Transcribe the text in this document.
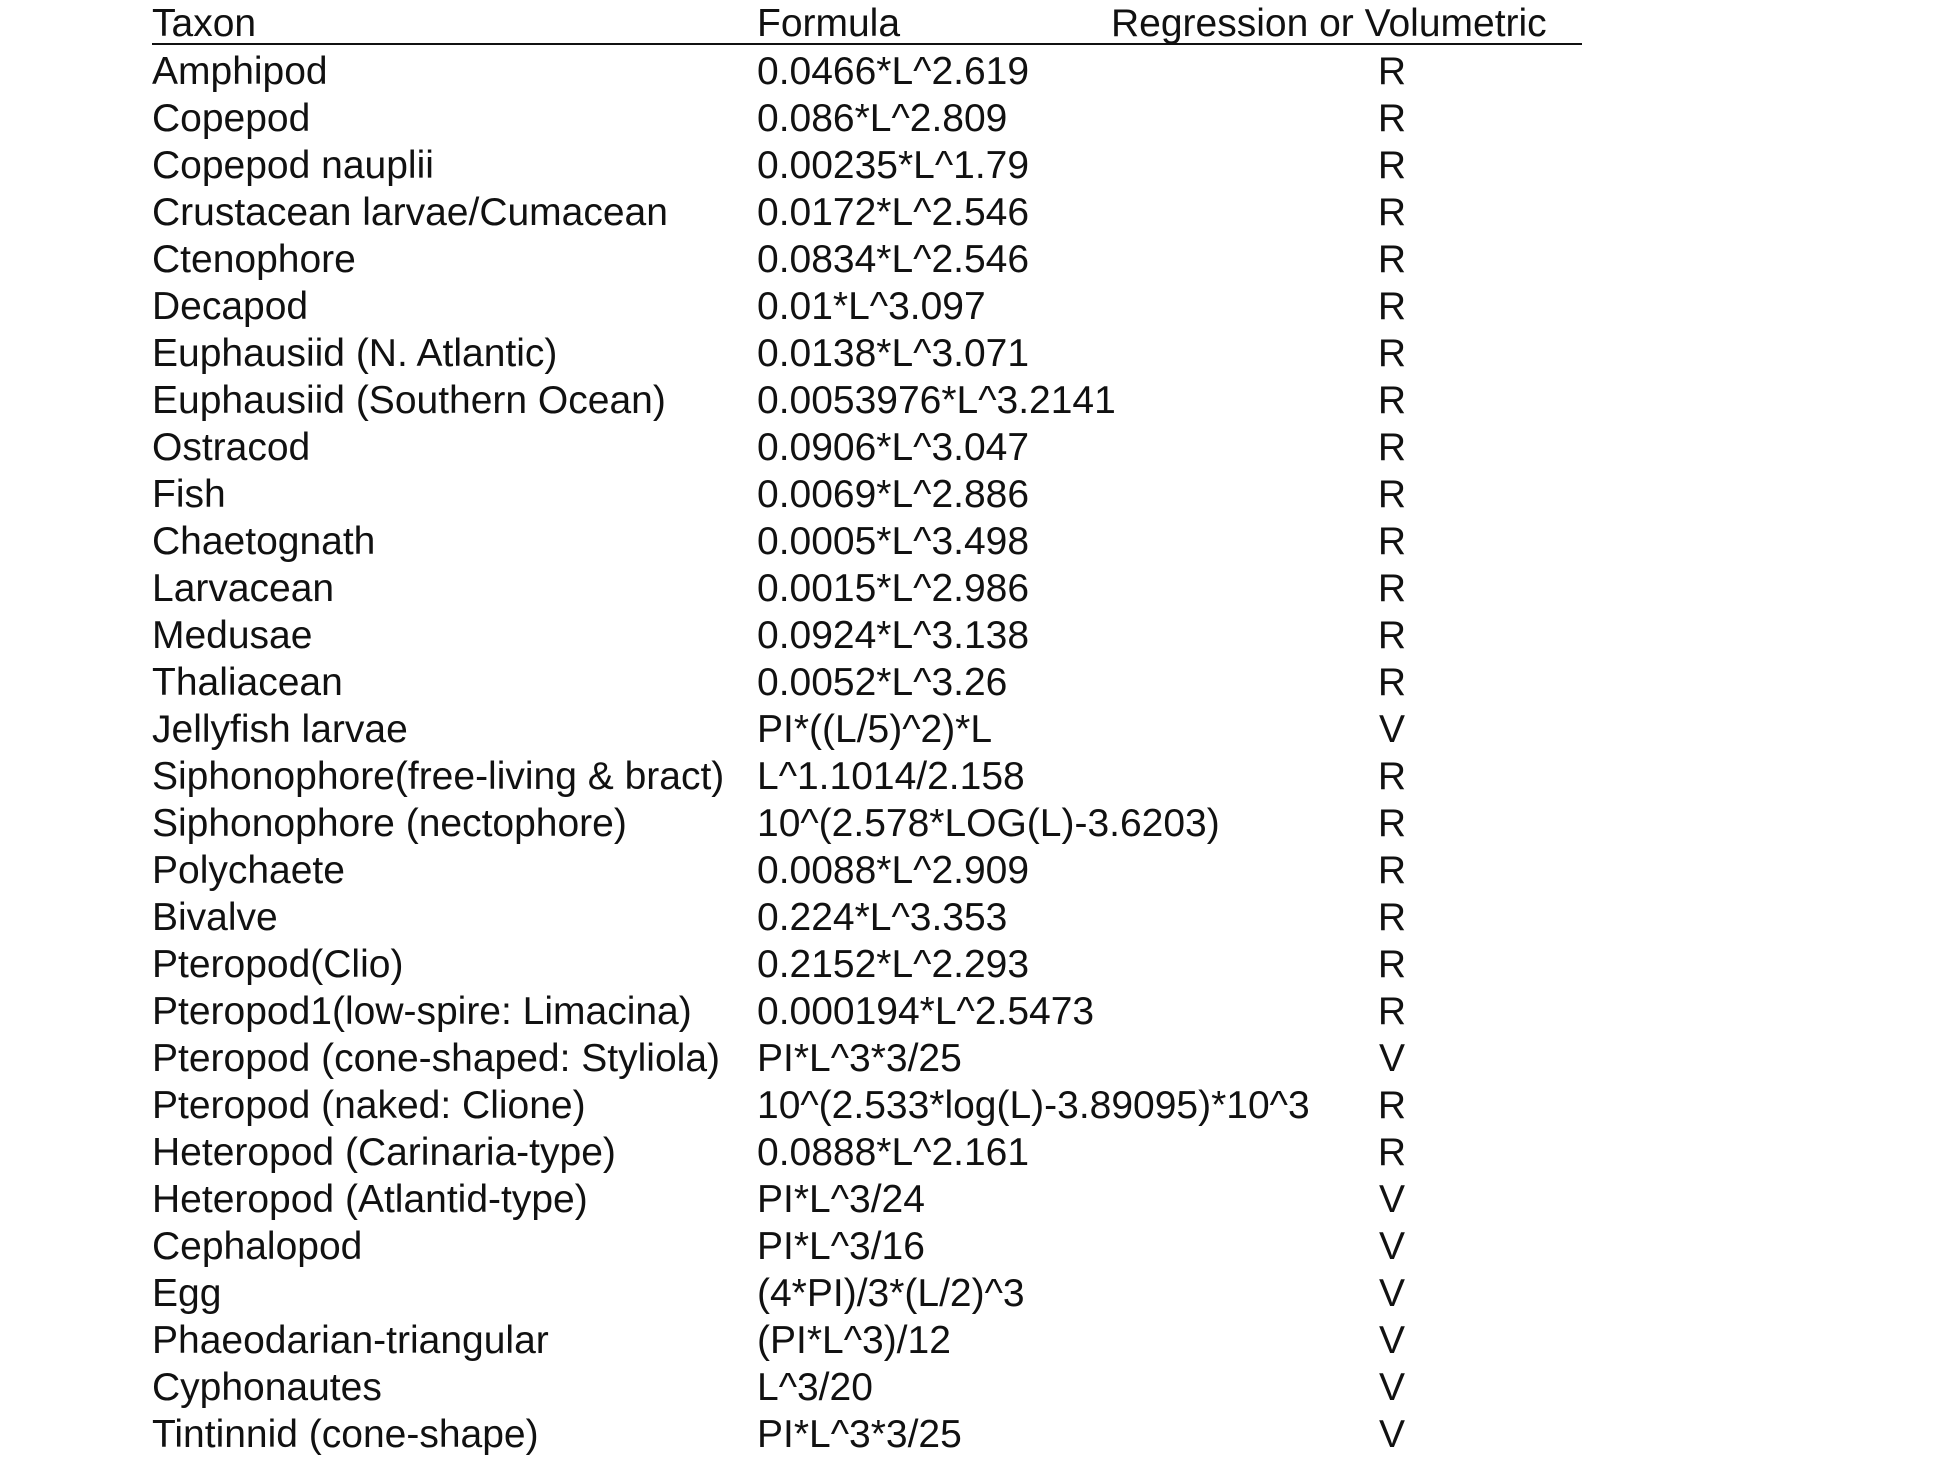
Taxon	Formula	Regression or Volumetric
Amphipod	0.0466*L^2.619	R
Copepod	0.086*L^2.809	R
Copepod nauplii	0.00235*L^1.79	R
Crustacean larvae/Cumacean 0.0172*L^2.546	R
Ctenophore	0.0834*L^2.546	R
Decapod	0.01*L^3.097	R
Euphausiid (N. Atlantic)	0.0138*L^3.071	R
Euphausiid (Southern Ocean) 0.0053976*L^3.2141	R
Ostracod	0.0906*L^3.047	R
Fish	0.0069*L^2.886	R
Chaetognath	0.0005*L^3.498	R
Larvacean	0.0015*L^2.986	R
Medusae	0.0924*L^3.138	R
Thaliacean	0.0052*L^3.26	R
Jellyfish larvae	PI*((L/5)^2)*L	V
Siphonophore(free-living & bract) L^1.1014/2.158	R
Siphonophore (nectophore)	10^(2.578*LOG(L)-3.6203)	R
Polychaete	0.0088*L^2.909	R
Bivalve	0.224*L^3.353	R
Pteropod(Clio)	0.2152*L^2.293	R
Pteropod1(low-spire: Limacina) 0.000194*L^2.5473	R
Pteropod (cone-shaped: Styliola) PI*L^3*3/25	V
Pteropod (naked: Clione)	10^(2.533*log(L)-3.89095)*10^3	R
Heteropod (Carinaria-type)	0.0888*L^2.161	R
Heteropod (Atlantid-type)	PI*L^3/24	V
Cephalopod	PI*L^3/16	V
Egg	(4*PI)/3*(L/2)^3	V
Phaeodarian-triangular	(PI*L^3)/12	V
Cyphonautes	L^3/20	V
Tintinnid (cone-shape)	PI*L^3*3/25	V
